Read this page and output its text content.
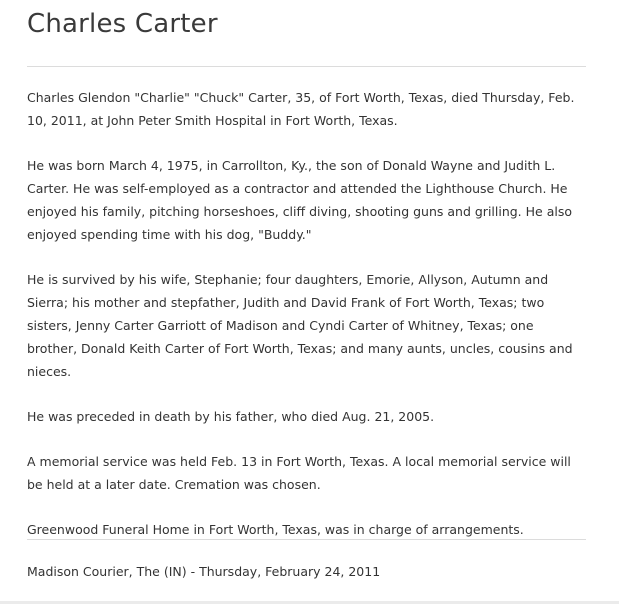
Charles Carter

Charles Glendon "Charlie" "Chuck" Carter, 35, of Fort Worth, Texas, died Thursday, Feb. 10, 2011, at John Peter Smith Hospital in Fort Worth, Texas.

He was born March 4, 1975, in Carrollton, Ky., the son of Donald Wayne and Judith L. Carter. He was self-employed as a contractor and attended the Lighthouse Church. He enjoyed his family, pitching horseshoes, cliff diving, shooting guns and grilling. He also enjoyed spending time with his dog, "Buddy."

He is survived by his wife, Stephanie; four daughters, Emorie, Allyson, Autumn and Sierra; his mother and stepfather, Judith and David Frank of Fort Worth, Texas; two sisters, Jenny Carter Garriott of Madison and Cyndi Carter of Whitney, Texas; one brother, Donald Keith Carter of Fort Worth, Texas; and many aunts, uncles, cousins and nieces.

He was preceded in death by his father, who died Aug. 21, 2005.

A memorial service was held Feb. 13 in Fort Worth, Texas. A local memorial service will be held at a later date. Cremation was chosen.

Greenwood Funeral Home in Fort Worth, Texas, was in charge of arrangements.

Madison Courier, The (IN) - Thursday, February 24, 2011
